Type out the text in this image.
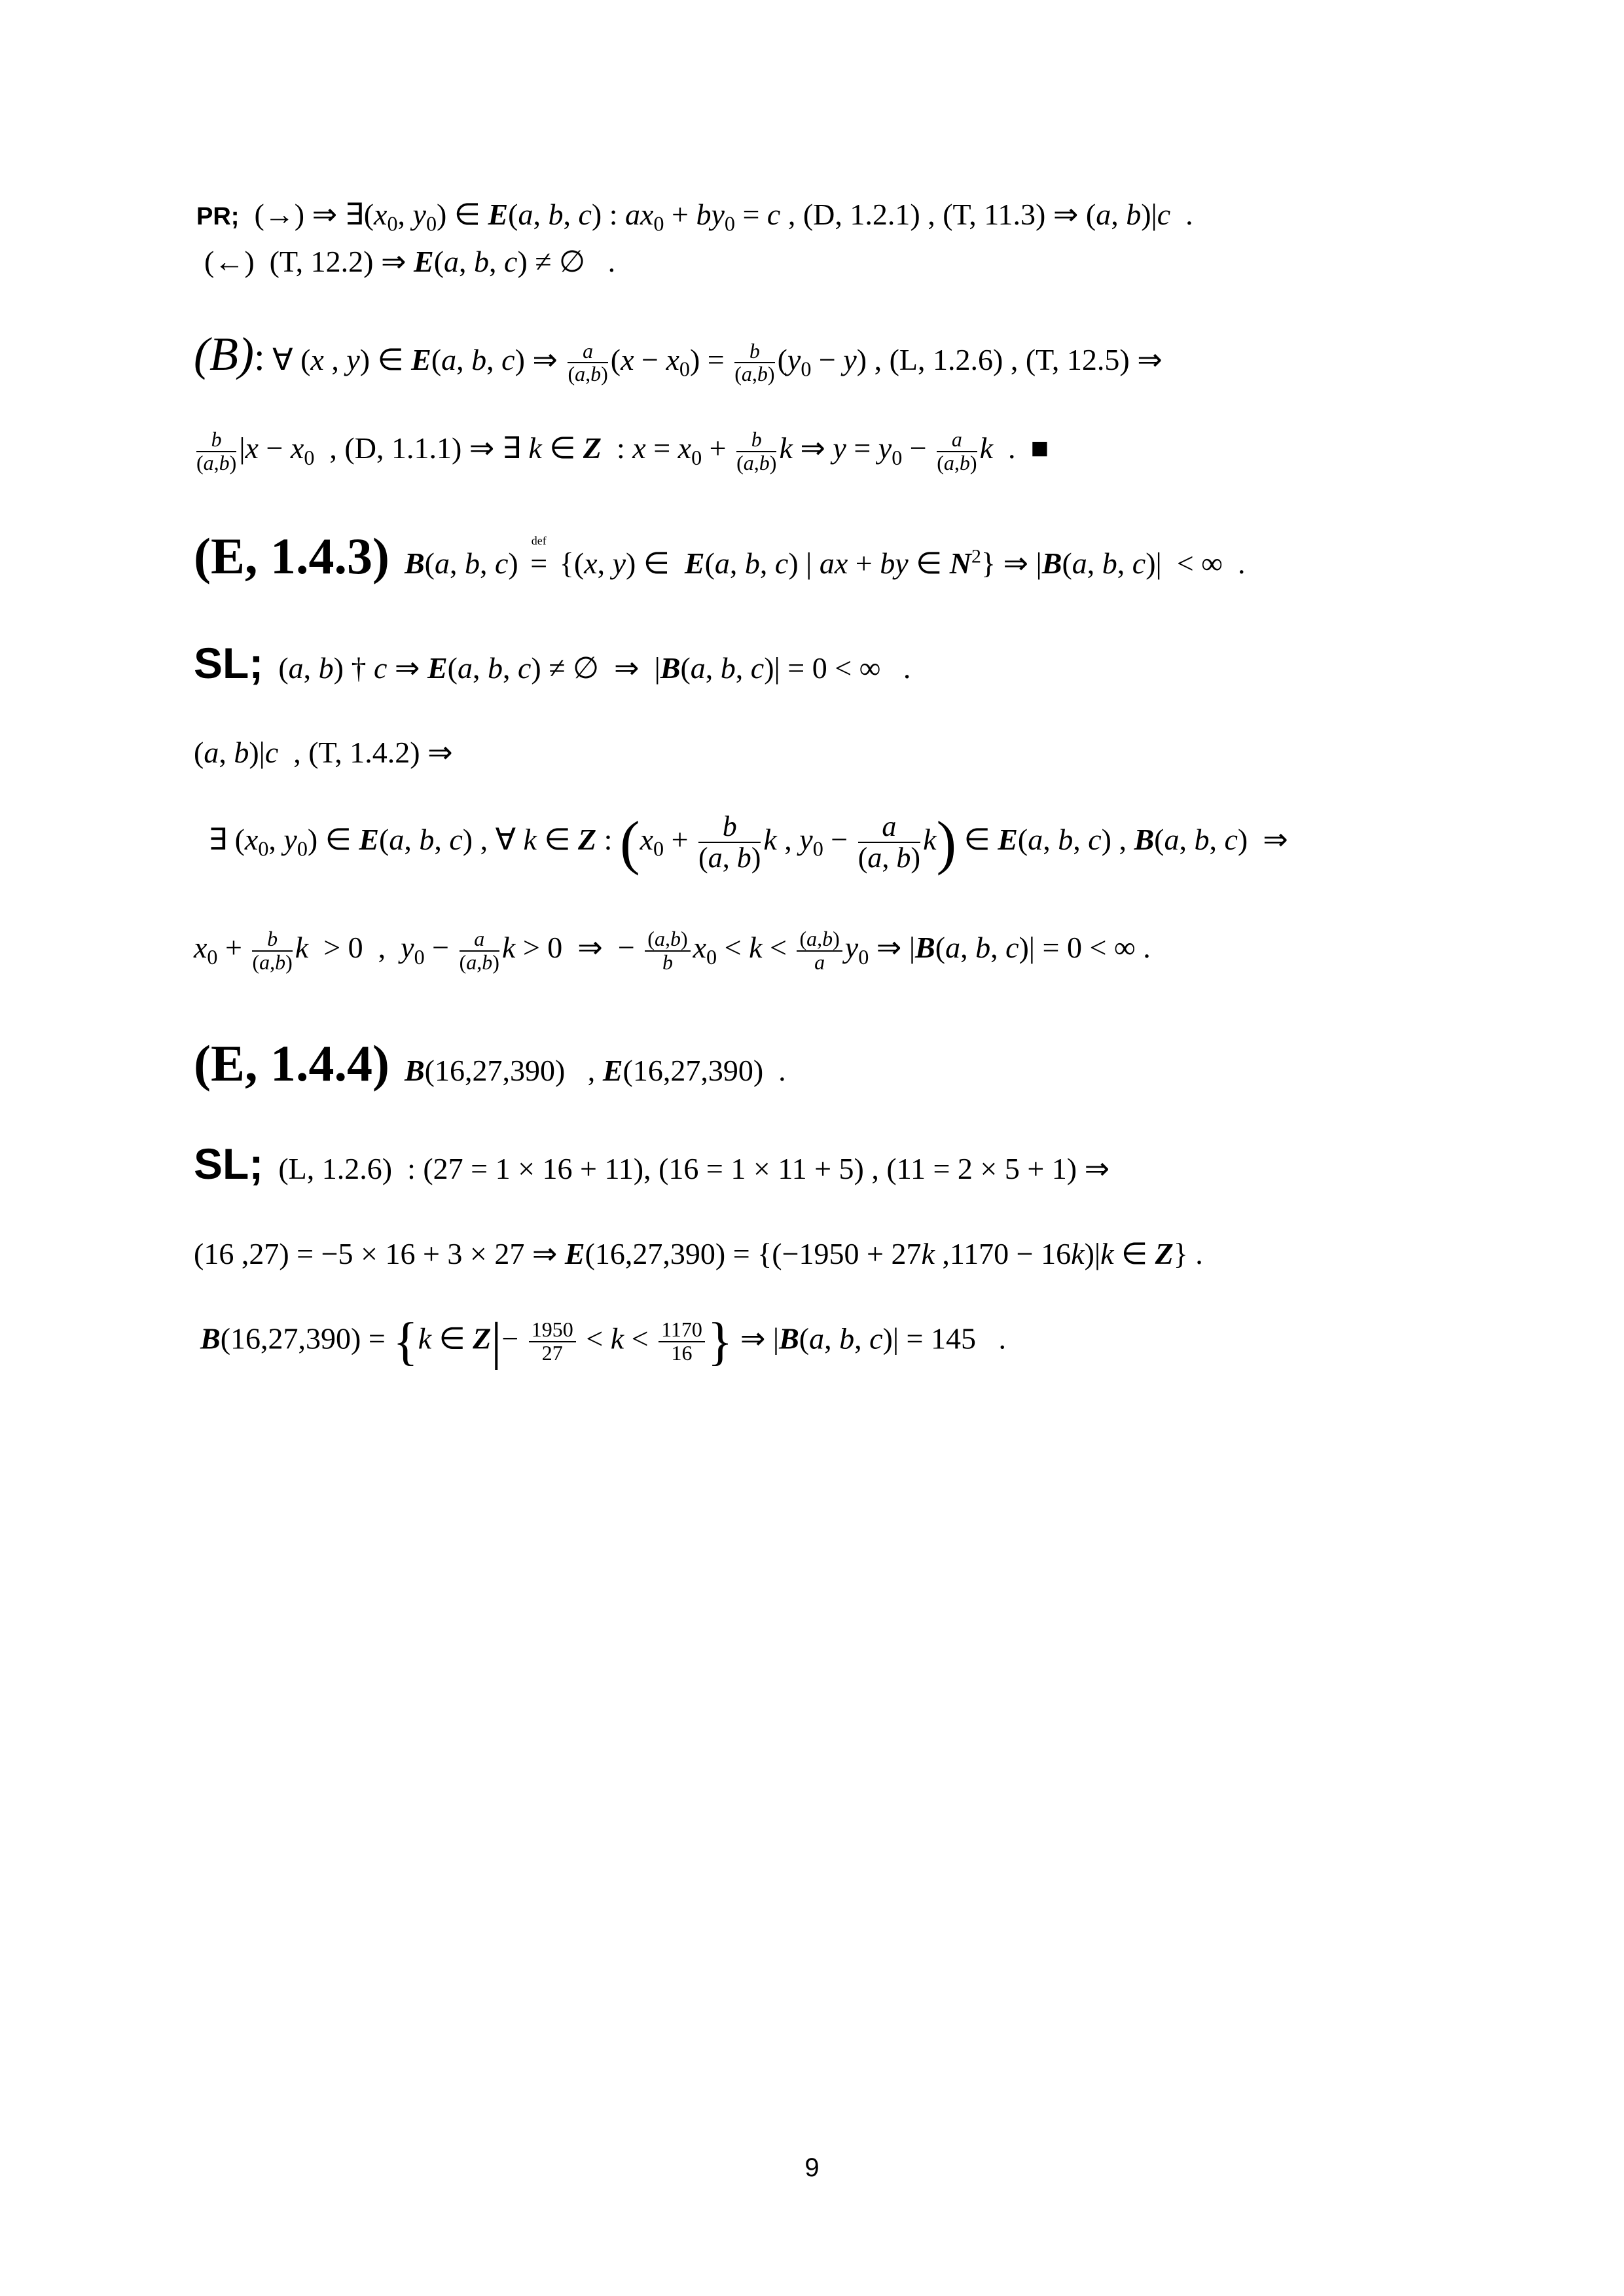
PR;  (→) ⇒ $\exists(x_0$, $y_0$) ∈ E(a, b, c) : $ax_0 + by_0 = c$ , (D, 1.2.1) , (T, 11.3) ⇒ (a, b)|c  .
(←)  (T, 12.2) ⇒ E(a, b, c) ≠ ∅   .
(B): ∀ (x , y) ∈ E(a, b, c) ⇒ $\frac{a}{(a,b)} (x - x_0) = \frac{b}{(a,b)} (y_0 - y)$ , (L, 1.2.6) , (T, 12.5) ⇒
$\frac{b}{(a,b)} |x - x_0$  , (D, 1.1.1) ⇒ ∃ k ∈ Z  : $x = x_0 + \frac{b}{(a,b)}$ k ⇒ $y = y_0 - \frac{a}{(a,b)}$ k  .  ■
(E, 1.4.3) B(a, b, c)
def
= {(x, y) ∈  E(a, b, c) | ax + by ∈ $N^2$} ⇒ |B(a, b, c)|  < ∞  .
SL;  (a, b) † c ⇒ E(a, b, c) ≠ ∅  ⇒  |B(a, b, c)| = 0 < ∞   .
(a, b)|c  , (T, 1.4.2) ⇒
∃ ($x_0$, $y_0$) ∈ E(a, b, c) , ∀ k ∈ Z : ($x_0 + \frac{b}{(a, b)}$ k , $y_0 - \frac{a}{(a, b)} k$) ∈ E(a, b, c) , B(a, b, c)  ⇒
$x_0 + \frac{b}{(a,b)}$ k  > 0  ,  $y_0 - \frac{a}{(a,b)}$ k > 0  ⇒  − $\frac{(a,b)}{b} x_0 < k < \frac{(a,b)}{a} y_0$ ⇒ |B(a, b, c)| = 0 < ∞ .
(E, 1.4.4) B(16,27,390)   , E(16,27,390)  .
SL; (L, 1.2.6)  : (27 = 1 × 16 + 11), (16 = 1 × 11 + 5) , (11 = 2 × 5 + 1) ⇒
(16 ,27) = −5 × 16 + 3 × 27 ⇒ E(16,27,390) = {(−1950 + 27k ,1170 − 16k)|k ∈ Z} .
B(16,27,390) = {k ∈ $Z|- \frac{1950}{27} < k < \frac{1170}{16}$ } ⇒ |B(a, b, c)| = 145   .
9
